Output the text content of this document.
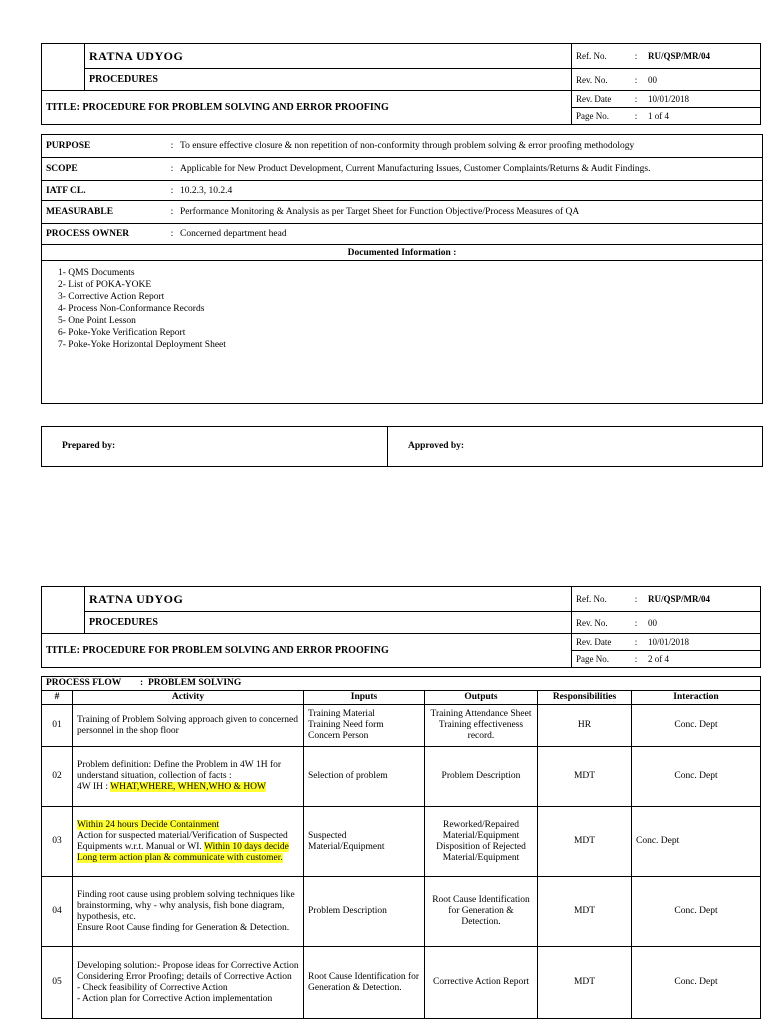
	RATNA UDYOG	Ref. No.	:	RU/QSP/MR/04
	PROCEDURES	Rev. No.	:	00
TITLE: PROCEDURE FOR PROBLEM SOLVING AND ERROR PROOFING		Rev. Date	:	10/01/2018
		Page No.	:	1 of 4
PURPOSE	:	To ensure effective closure & non repetition of non-conformity through problem solving & error proofing methodology
SCOPE	:	Applicable for New Product Development, Current Manufacturing Issues, Customer Complaints/Returns & Audit Findings.
IATF CL.	:	10.2.3, 10.2.4
MEASURABLE	:	Performance Monitoring & Analysis as per Target Sheet for Function Objective/Process Measures of QA
PROCESS OWNER	:	Concerned department head
Documented Information :		
1- QMS Documents
2- List of POKA-YOKE
3- Corrective Action Report
4- Process Non-Conformance Records
5- One Point Lesson
6- Poke-Yoke Verification Report
7- Poke-Yoke Horizontal Deployment Sheet
Prepared by:	Approved by:
	RATNA UDYOG	Ref. No.	:	RU/QSP/MR/04
	PROCEDURES	Rev. No.	:	00
TITLE: PROCEDURE FOR PROBLEM SOLVING AND ERROR PROOFING		Rev. Date	:	10/01/2018
		Page No.	:	2 of 4
PROCESS FLOW        :  PROBLEM SOLVING					
#	Activity	Inputs	Outputs	Responsibilities	Interaction
01	Training of Problem Solving approach given to concerned personnel in the shop floor	Training Material
Training Need form
Concern Person	Training Attendance Sheet
Training effectiveness record.	HR	Conc. Dept
02	Problem definition: Define the Problem in 4W 1H for understand situation, collection of facts :
4W IH : WHAT,WHERE, WHEN,WHO & HOW	Selection of problem	Problem Description	MDT	Conc. Dept
03	Within 24 hours Decide Containment
Action for suspected material/Verification of Suspected Equipments w.r.t. Manual or WI. Within 10 days decide Long term action plan & communicate with customer.	Suspected Material/Equipment	Reworked/Repaired Material/Equipment Disposition of Rejected Material/Equipment	MDT	Conc. Dept
04	Finding root cause using problem solving techniques like brainstorming, why - why analysis, fish bone diagram, hypothesis, etc.
Ensure Root Cause finding for Generation & Detection.	Problem Description	Root Cause Identification for Generation & Detection.	MDT	Conc. Dept
05	Developing solution:- Propose ideas for Corrective Action Considering Error Proofing; details of Corrective Action
- Check feasibility of Corrective Action
- Action plan for Corrective Action implementation	Root Cause Identification for Generation & Detection.	Corrective Action Report	MDT	Conc. Dept
